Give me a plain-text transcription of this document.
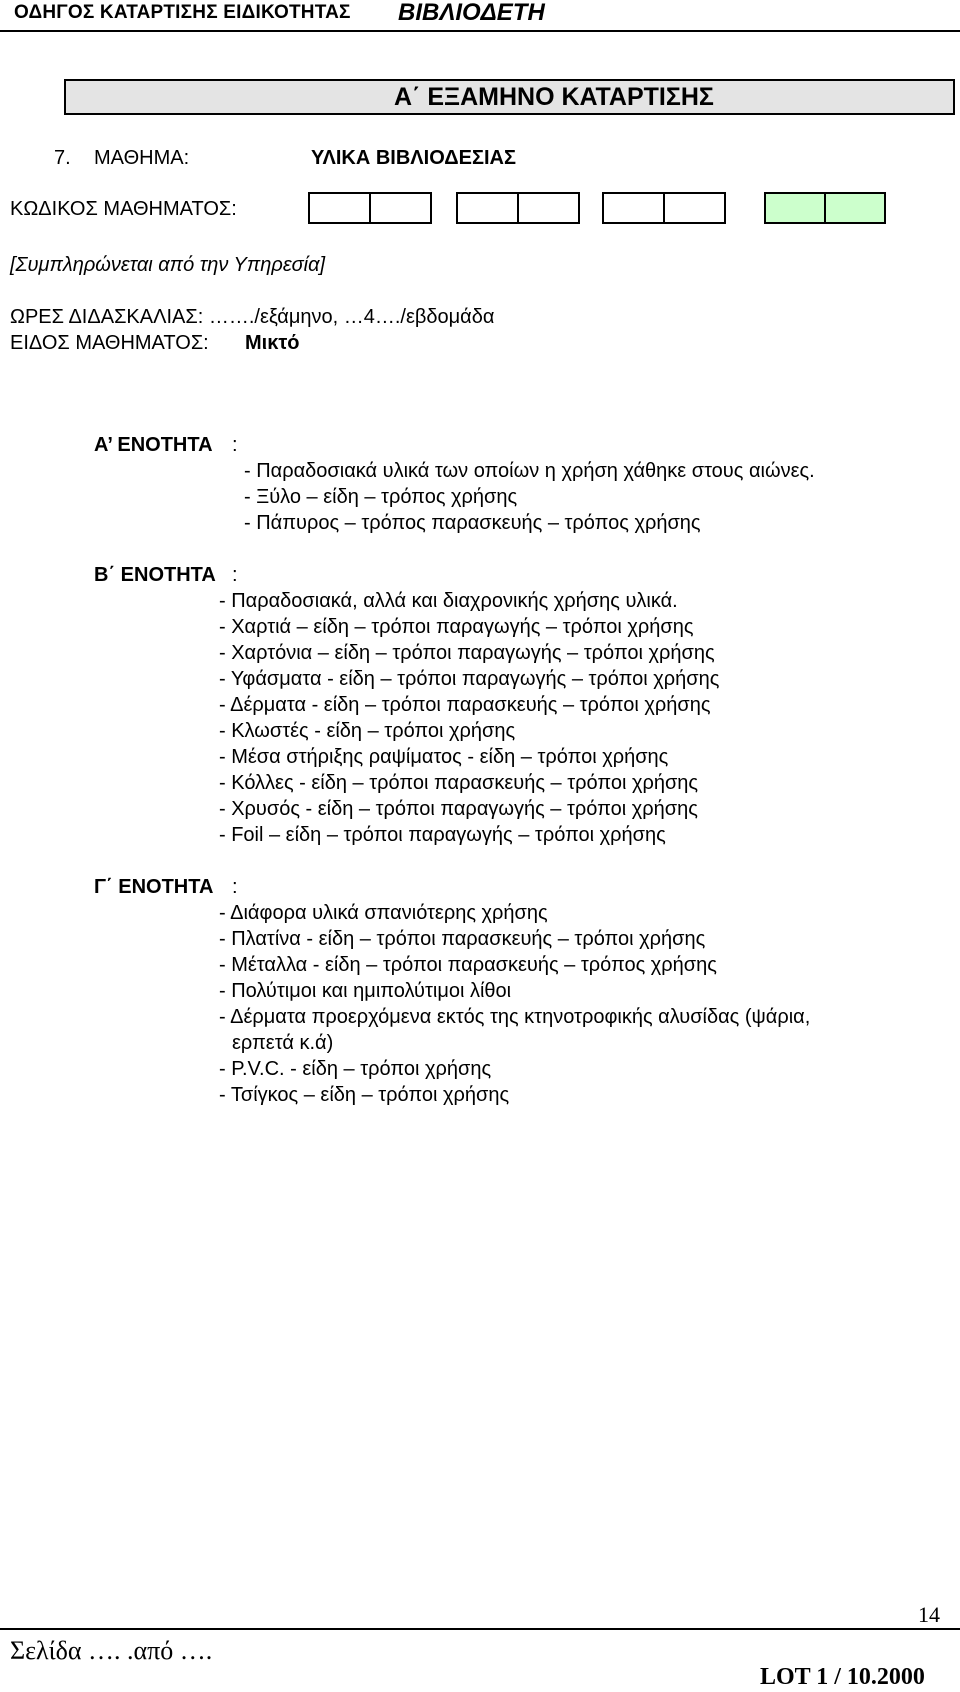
ΟΔΗΓΟΣ ΚΑΤΑΡΤΙΣΗΣ ΕΙΔΙΚΟΤΗΤΑΣ ΒΙΒΛΙΟΔΕΤΗ
Α΄ ΕΞΑΜΗΝΟ ΚΑΤΑΡΤΙΣΗΣ
7. ΜΑΘΗΜΑ:	ΥΛΙΚΑ ΒΙΒΛΙΟΔΕΣΙΑΣ
ΚΩΔΙΚΟΣ ΜΑΘΗΜΑΤΟΣ:
[Συμπληρώνεται από την Υπηρεσία]
ΩΡΕΣ ΔΙΔΑΣΚΑΛΙΑΣ: ……./εξάμηνο, …4…./εβδομάδα
ΕΙΔΟΣ ΜΑΘΗΜΑΤΟΣ: Μικτό
Α’ ΕΝΟΤΗΤΑ :
- Παραδοσιακά υλικά των οποίων η χρήση χάθηκε στους αιώνες.
- Ξύλο – είδη – τρόπος χρήσης
- Πάπυρος – τρόπος παρασκευής – τρόπος χρήσης
Β΄ ΕΝΟΤΗΤΑ :
- Παραδοσιακά, αλλά και διαχρονικής χρήσης υλικά.
- Χαρτιά – είδη – τρόποι παραγωγής – τρόποι χρήσης
- Χαρτόνια – είδη – τρόποι παραγωγής – τρόποι χρήσης
- Υφάσματα - είδη – τρόποι παραγωγής – τρόποι χρήσης
- Δέρματα - είδη – τρόποι παρασκευής – τρόποι χρήσης
- Κλωστές - είδη – τρόποι χρήσης
- Μέσα στήριξης ραψίματος - είδη – τρόποι χρήσης
- Κόλλες - είδη – τρόποι παρασκευής – τρόποι χρήσης
- Χρυσός - είδη – τρόποι παραγωγής – τρόποι χρήσης
- Foil – είδη – τρόποι παραγωγής – τρόποι χρήσης
Γ΄ ΕΝΟΤΗΤΑ :
- Διάφορα υλικά σπανιότερης χρήσης
- Πλατίνα - είδη – τρόποι παρασκευής – τρόποι χρήσης
- Μέταλλα - είδη – τρόποι παρασκευής – τρόπος χρήσης
- Πολύτιμοι και ημιπολύτιμοι λίθοι
- Δέρματα προερχόμενα εκτός της κτηνοτροφικής αλυσίδας (ψάρια,
ερπετά κ.ά)
- P.V.C. - είδη – τρόποι χρήσης
- Τσίγκος – είδη – τρόποι χρήσης
14
Σελίδα …. .από ….
LOT 1 / 10.2000
